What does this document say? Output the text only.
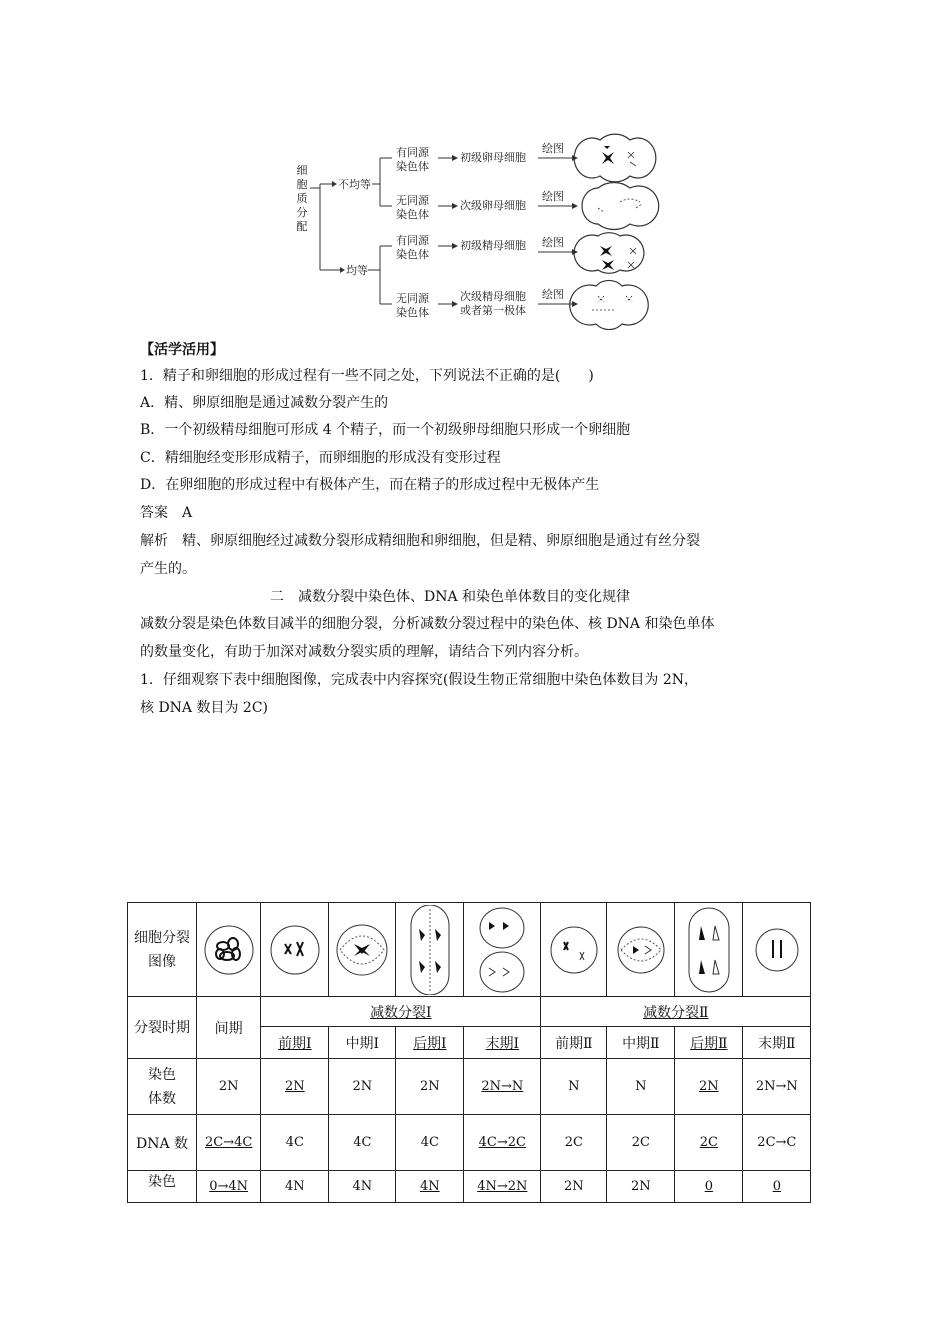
细胞质分配
不均等
均等
有同源染色体
无同源染色体
有同源染色体
无同源染色体
初级卵母细胞
次级卵母细胞
初级精母细胞
次级精母细胞
或者第一极体
绘图
绘图
绘图
绘图
【活学活用】
1．精子和卵细胞的形成过程有一些不同之处，下列说法不正确的是(　　)
A．精、卵原细胞是通过减数分裂产生的
B．一个初级精母细胞可形成 4 个精子，而一个初级卵母细胞只形成一个卵细胞
C．精细胞经变形形成精子，而卵细胞的形成没有变形过程
D．在卵细胞的形成过程中有极体产生，而在精子的形成过程中无极体产生
答案　A
解析　精、卵原细胞经过减数分裂形成精细胞和卵细胞，但是精、卵原细胞是通过有丝分裂
产生的。
二　减数分裂中染色体、DNA 和染色单体数目的变化规律
减数分裂是染色体数目减半的细胞分裂，分析减数分裂过程中的染色体、核 DNA 和染色单体
的数量变化，有助于加深对减数分裂实质的理解，请结合下列内容分析。
1．仔细观察下表中细胞图像，完成表中内容探究(假设生物正常细胞中染色体数目为 2N，
核 DNA 数目为 2C)
细胞分裂图像	

分裂时期	间期	减数分裂Ⅰ				减数分裂Ⅱ			
		前期Ⅰ	中期Ⅰ	后期Ⅰ	末期Ⅰ	前期Ⅱ	中期Ⅱ	后期Ⅱ	末期Ⅱ
染色体数	2N	2N	2N	2N	2N→N	N	N	2N	2N→N
DNA 数	2C→4C	4C	4C	4C	4C→2C	2C	2C	2C	2C→C
染色	0→4N	4N	4N	4N	4N→2N	2N	2N	0	0
